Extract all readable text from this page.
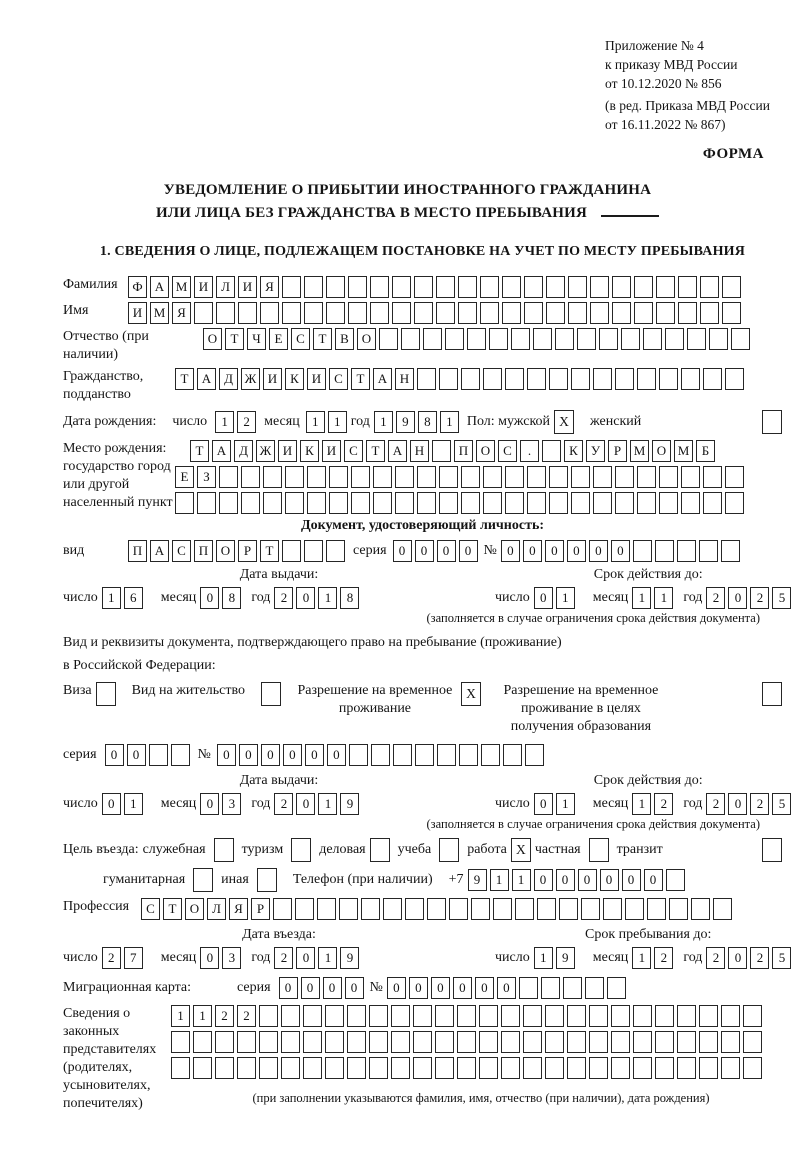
Приложение № 4
к приказу МВД России
от 10.12.2020 № 856
(в ред. Приказа МВД России
от 16.11.2022 № 867)
ФОРМА
УВЕДОМЛЕНИЕ О ПРИБЫТИИ ИНОСТРАННОГО ГРАЖДАНИНА
ИЛИ ЛИЦА БЕЗ ГРАЖДАНСТВА В МЕСТО ПРЕБЫВАНИЯ
1. СВЕДЕНИЯ О ЛИЦЕ, ПОДЛЕЖАЩЕМ ПОСТАНОВКЕ НА УЧЕТ ПО МЕСТУ ПРЕБЫВАНИЯ
Фамилия	Ф А М И Л И Я
Имя	И М Я
Отчество (при наличии)
О	Т	Ч	Е	С	Т	В О
Гражданство, подданство
Т	А Д Ж И К И С	Т	А Н
Дата рождения: число	1	2	месяц 1	1 год 1	9	8	1	Пол: мужской X	женский
Место рождения: государство город или другой населенный пункт
Т	А Д Ж И К И С	Т	А Н	П О С	.	К	У	Р М О М Б
Е	З
Документ, удостоверяющий личность:
вид	П А С П О	Р	Т	серия 0	0	0	0 № 0	0	0	0	0	0
Дата выдачи:
число 1	6	месяц 0	8	год 2	0	1	8
Срок действия до:
число 0	1	месяц 1	1	год 2	0	2	5
(заполняется в случае ограничения срока действия документа)
Вид и реквизиты документа, подтверждающего право на пребывание (проживание)
в Российской Федерации:
Виза	Вид на жительство	Разрешение на временное проживание
X	Разрешение на временное проживание в целях получения образования
серия	0	0	№ 0	0	0	0	0	0
Дата выдачи:
число 0	1	месяц 0	3	год 2	0	1	9
Срок действия до:
число 0	1	месяц 1	2	год 2	0	2	5
(заполняется в случае ограничения срока действия документа)
Цель въезда: служебная	туризм	деловая учеба	работа X частная	транзит
гуманитарная	иная	Телефон (при наличии) +7 9	1	1	0	0	0	0	0	0
Профессия	С	Т	О Л	Я	Р
Дата въезда:
число 2	7	месяц 0	3	год 2	0	1	9
Срок пребывания до:
число 1	9	месяц 1	2	год 2	0	2	5
Миграционная карта:	серия	0	0	0	0 № 0	0	0	0	0	0
Сведения о законных представителях (родителях, усыновителях, попечителях)
1	1	2	2
(при заполнении указываются фамилия, имя, отчество (при наличии), дата рождения)
